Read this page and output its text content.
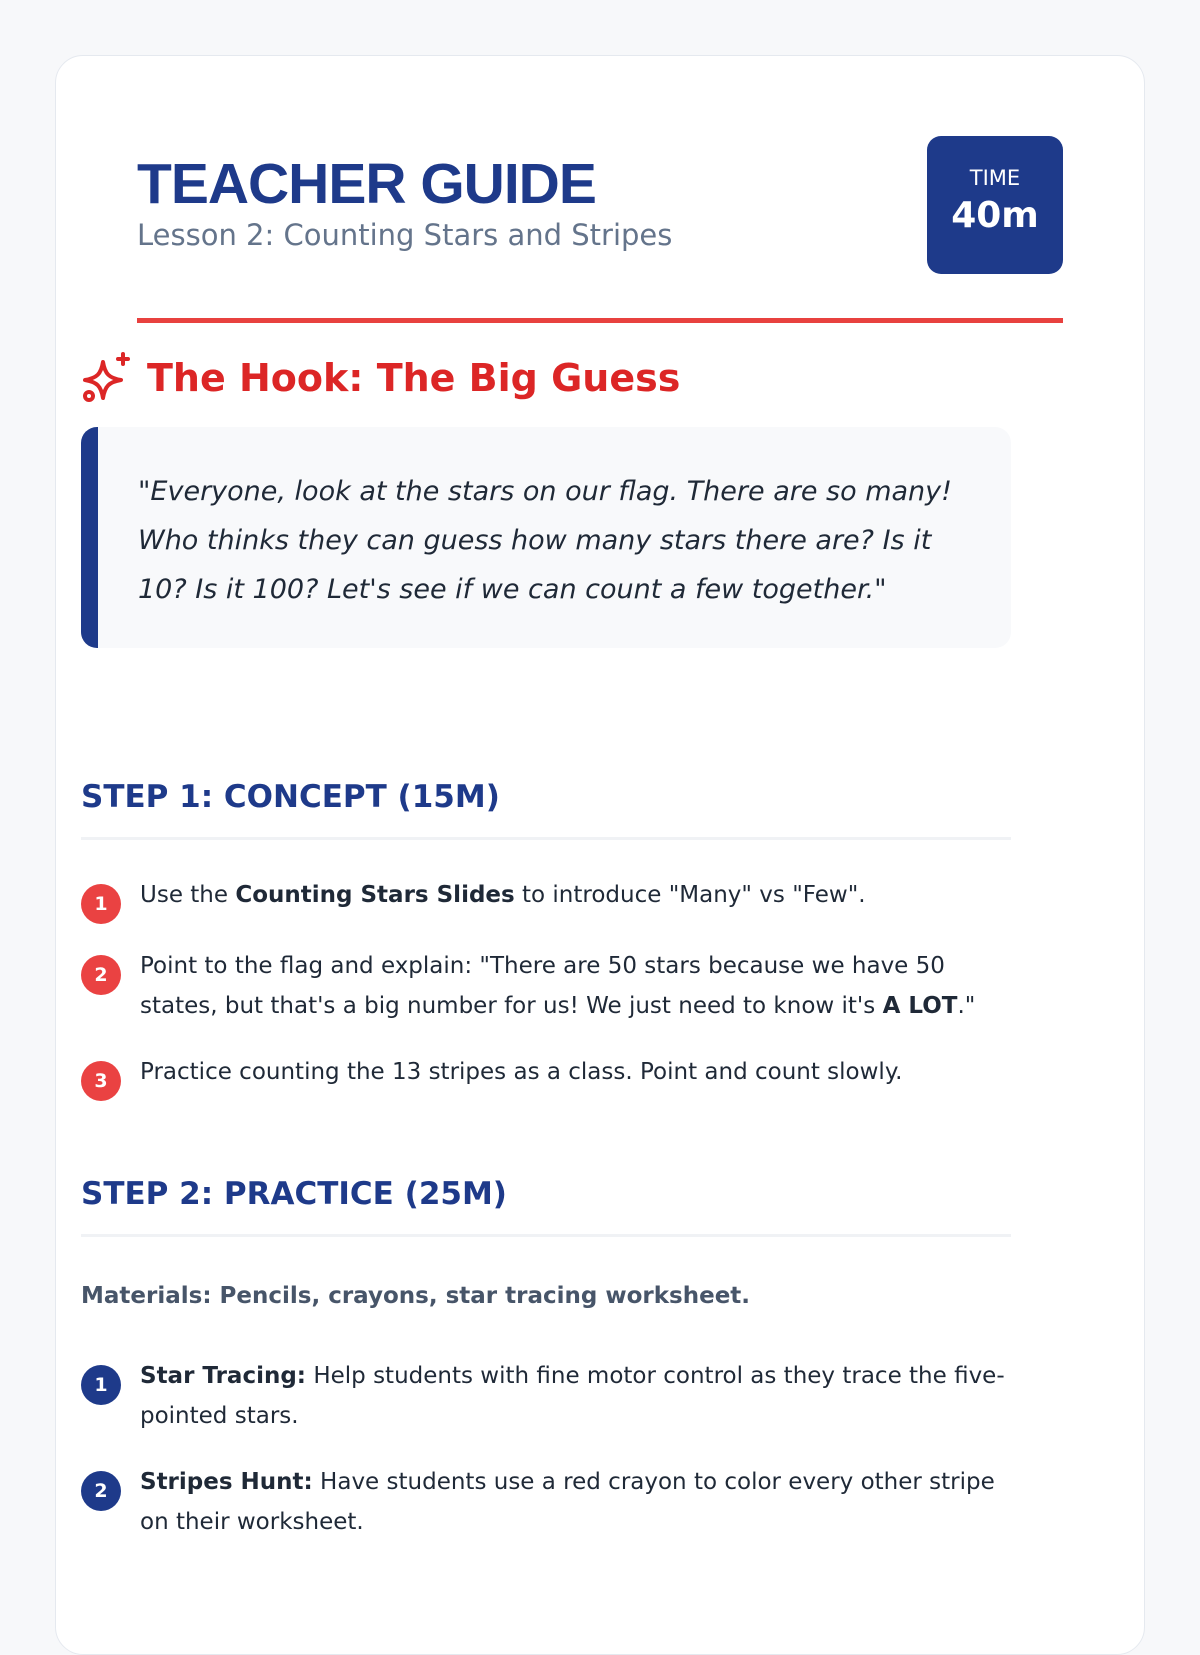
TEACHER GUIDE
Lesson 2: Counting Stars and Stripes
TIME
40m
The Hook: The Big Guess

"Everyone, look at the stars on our flag. There are so many! Who thinks they can guess how many stars there are? Is it 10? Is it 100? Let's see if we can count a few together."

STEP 1: CONCEPT (15M)
1	Use the Counting Stars Slides to introduce "Many" vs "Few".
2	Point to the flag and explain: "There are 50 stars because we have 50 states, but that's a big number for us! We just need to know it's A LOT."
3	Practice counting the 13 stripes as a class. Point and count slowly.
STEP 2: PRACTICE (25M)
Materials: Pencils, crayons, star tracing worksheet.
1	Star Tracing: Help students with fine motor control as they trace the five-pointed stars.
2	Stripes Hunt: Have students use a red crayon to color every other stripe on their worksheet.
